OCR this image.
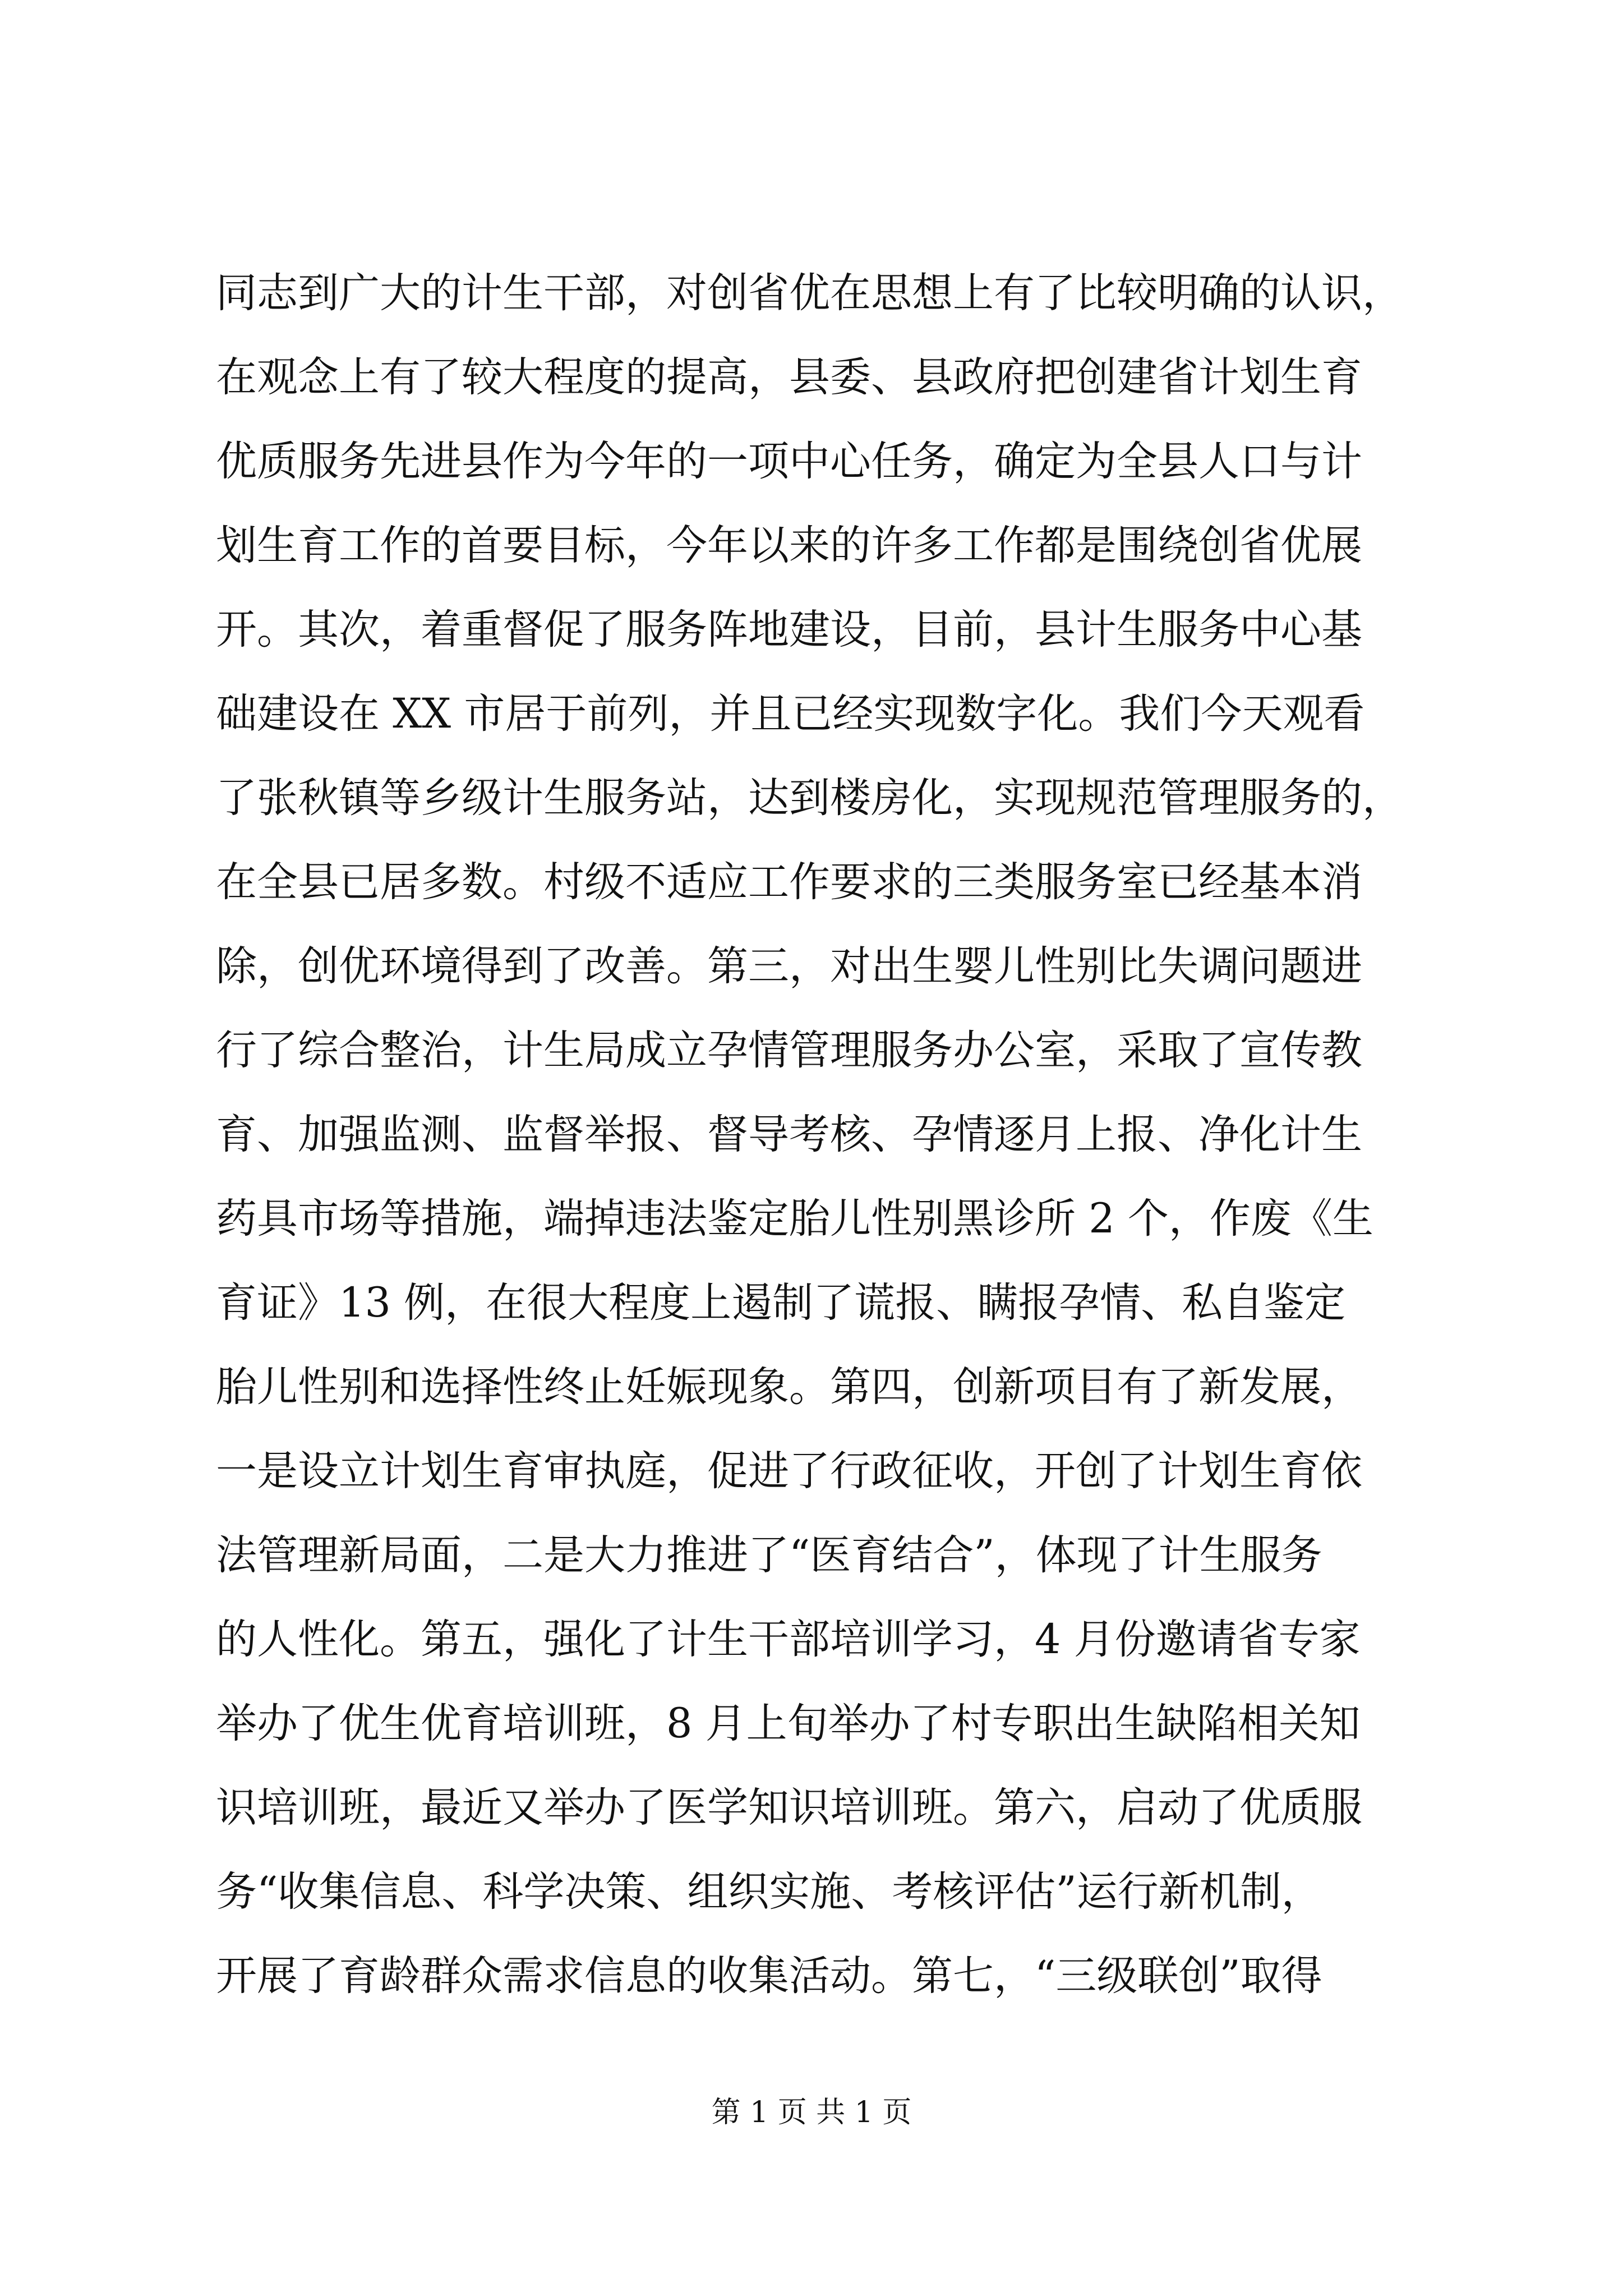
同志到广大的计生干部，对创省优在思想上有了比较明确的认识，
在观念上有了较大程度的提高，县委、县政府把创建省计划生育
优质服务先进县作为今年的一项中心任务，确定为全县人口与计
划生育工作的首要目标，今年以来的许多工作都是围绕创省优展
开。其次，着重督促了服务阵地建设，目前，县计生服务中心基
础建设在 XX 市居于前列，并且已经实现数字化。我们今天观看
了张秋镇等乡级计生服务站，达到楼房化，实现规范管理服务的，
在全县已居多数。村级不适应工作要求的三类服务室已经基本消
除，创优环境得到了改善。第三，对出生婴儿性别比失调问题进
行了综合整治，计生局成立孕情管理服务办公室，采取了宣传教
育、加强监测、监督举报、督导考核、孕情逐月上报、净化计生
药具市场等措施，端掉违法鉴定胎儿性别黑诊所 2 个，作废《生
育证》13 例，在很大程度上遏制了谎报、瞒报孕情、私自鉴定
胎儿性别和选择性终止妊娠现象。第四，创新项目有了新发展，
一是设立计划生育审执庭，促进了行政征收，开创了计划生育依
法管理新局面，二是大力推进了“医育结合”，体现了计生服务
的人性化。第五，强化了计生干部培训学习，4 月份邀请省专家
举办了优生优育培训班，8 月上旬举办了村专职出生缺陷相关知
识培训班，最近又举办了医学知识培训班。第六，启动了优质服
务“收集信息、科学决策、组织实施、考核评估”运行新机制，
开展了育龄群众需求信息的收集活动。第七，“三级联创”取得
第 1 页 共 1 页
